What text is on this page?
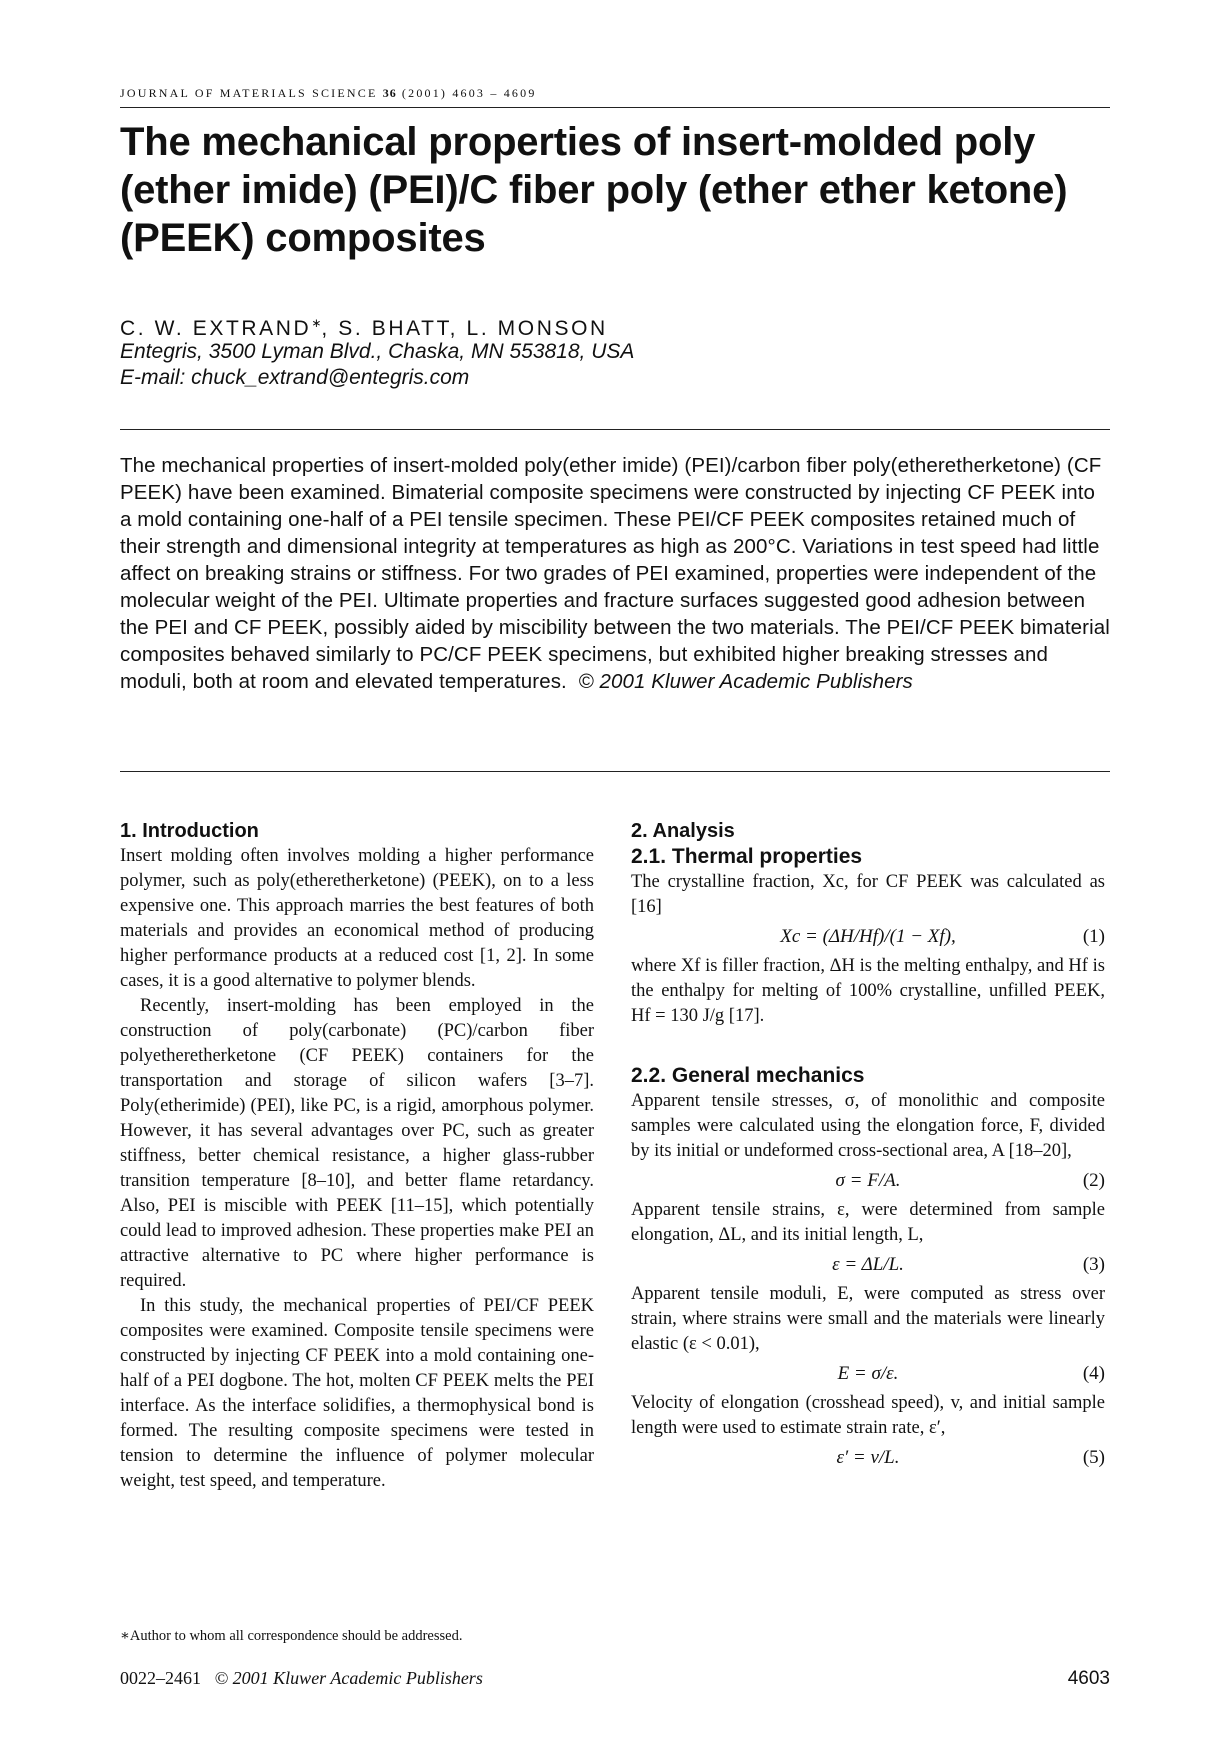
JOURNAL OF MATERIALS SCIENCE 36 (2001) 4603 – 4609
The mechanical properties of insert-molded poly (ether imide) (PEI)/C fiber poly (ether ether ketone) (PEEK) composites
C. W. EXTRAND∗, S. BHATT, L. MONSON
Entegris, 3500 Lyman Blvd., Chaska, MN 553818, USA
E-mail: chuck_extrand@entegris.com

The mechanical properties of insert-molded poly(ether imide) (PEI)/carbon fiber poly(etheretherketone) (CF PEEK) have been examined. Bimaterial composite specimens were constructed by injecting CF PEEK into a mold containing one-half of a PEI tensile specimen. These PEI/CF PEEK composites retained much of their strength and dimensional integrity at temperatures as high as 200°C. Variations in test speed had little affect on breaking strains or stiffness. For two grades of PEI examined, properties were independent of the molecular weight of the PEI. Ultimate properties and fracture surfaces suggested good adhesion between the PEI and CF PEEK, possibly aided by miscibility between the two materials. The PEI/CF PEEK bimaterial composites behaved similarly to PC/CF PEEK specimens, but exhibited higher breaking stresses and moduli, both at room and elevated temperatures. © 2001 Kluwer Academic Publishers

1. Introduction

Insert molding often involves molding a higher performance polymer, such as poly(etheretherketone) (PEEK), on to a less expensive one. This approach marries the best features of both materials and provides an economical method of producing higher performance products at a reduced cost [1, 2]. In some cases, it is a good alternative to polymer blends.

Recently, insert-molding has been employed in the construction of poly(carbonate) (PC)/carbon fiber polyetheretherketone (CF PEEK) containers for the transportation and storage of silicon wafers [3–7]. Poly(etherimide) (PEI), like PC, is a rigid, amorphous polymer. However, it has several advantages over PC, such as greater stiffness, better chemical resistance, a higher glass-rubber transition temperature [8–10], and better flame retardancy. Also, PEI is miscible with PEEK [11–15], which potentially could lead to improved adhesion. These properties make PEI an attractive alternative to PC where higher performance is required.

In this study, the mechanical properties of PEI/CF PEEK composites were examined. Composite tensile specimens were constructed by injecting CF PEEK into a mold containing one-half of a PEI dogbone. The hot, molten CF PEEK melts the PEI interface. As the interface solidifies, a thermophysical bond is formed. The resulting composite specimens were tested in tension to determine the influence of polymer molecular weight, test speed, and temperature.

2. Analysis
2.1. Thermal properties

The crystalline fraction, Xc, for CF PEEK was calculated as [16]

Xc = (ΔH/Hf)/(1 − Xf),	(1)

where Xf is filler fraction, ΔH is the melting enthalpy, and Hf is the enthalpy for melting of 100% crystalline, unfilled PEEK, Hf = 130 J/g [17].

2.2. General mechanics

Apparent tensile stresses, σ, of monolithic and composite samples were calculated using the elongation force, F, divided by its initial or undeformed cross-sectional area, A [18–20],

σ = F/A.	(2)

Apparent tensile strains, ε, were determined from sample elongation, ΔL, and its initial length, L,

ε = ΔL/L.	(3)

Apparent tensile moduli, E, were computed as stress over strain, where strains were small and the materials were linearly elastic (ε < 0.01),

E = σ/ε.	(4)

Velocity of elongation (crosshead speed), v, and initial sample length were used to estimate strain rate, ε′,

ε′ = v/L.	(5)
∗Author to whom all correspondence should be addressed.
0022–2461 © 2001 Kluwer Academic Publishers	4603
